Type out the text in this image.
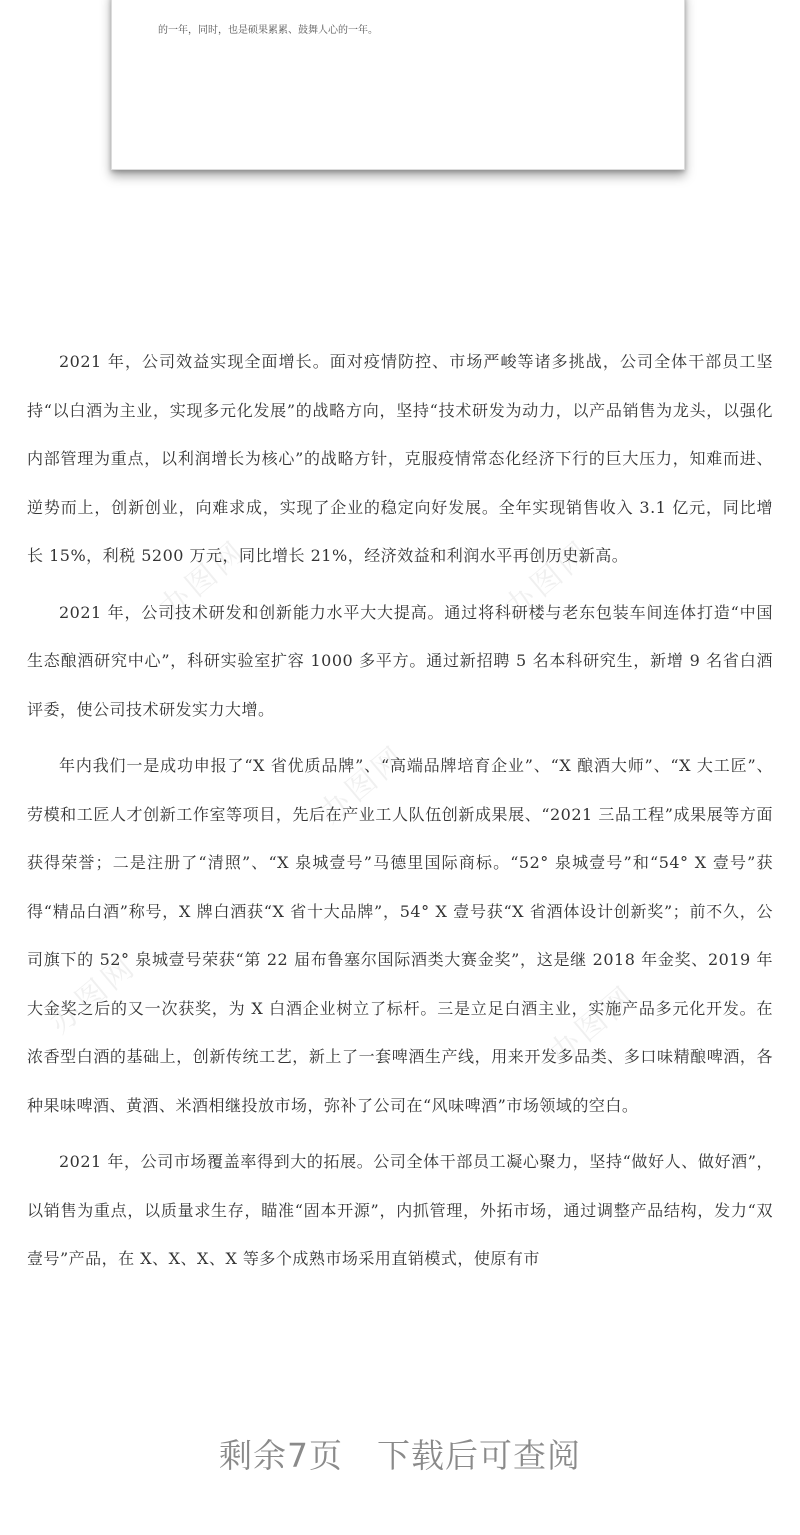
的一年，同时，也是硕果累累、鼓舞人心的一年。
办图网	办图网
办图网
办图网	办图网

2021 年，公司效益实现全面增长。面对疫情防控、市场严峻等诸多挑战，公司全体干部员工坚持“以白酒为主业，实现多元化发展”的战略方向，坚持“技术研发为动力，以产品销售为龙头，以强化内部管理为重点，以利润增长为核心”的战略方针，克服疫情常态化经济下行的巨大压力，知难而进、逆势而上，创新创业，向难求成，实现了企业的稳定向好发展。全年实现销售收入 3.1 亿元，同比增长 15%，利税 5200 万元，同比增长 21%，经济效益和利润水平再创历史新高。

2021 年，公司技术研发和创新能力水平大大提高。通过将科研楼与老东包装车间连体打造“中国生态酿酒研究中心”，科研实验室扩容 1000 多平方。通过新招聘 5 名本科研究生，新增 9 名省白酒评委，使公司技术研发实力大增。

年内我们一是成功申报了“X 省优质品牌”、“高端品牌培育企业”、“X 酿酒大师”、“X 大工匠”、劳模和工匠人才创新工作室等项目，先后在产业工人队伍创新成果展、“2021 三品工程”成果展等方面获得荣誉；二是注册了“清照”、“X 泉城壹号”马德里国际商标。“52° 泉城壹号”和“54° X 壹号”获得“精品白酒”称号，X 牌白酒获“X 省十大品牌”，54° X 壹号获“X 省酒体设计创新奖”；前不久，公司旗下的 52° 泉城壹号荣获“第 22 届布鲁塞尔国际酒类大赛金奖”，这是继 2018 年金奖、2019 年大金奖之后的又一次获奖，为 X 白酒企业树立了标杆。三是立足白酒主业，实施产品多元化开发。在浓香型白酒的基础上，创新传统工艺，新上了一套啤酒生产线，用来开发多品类、多口味精酿啤酒，各种果味啤酒、黄酒、米酒相继投放市场，弥补了公司在“风味啤酒”市场领域的空白。

2021 年，公司市场覆盖率得到大的拓展。公司全体干部员工凝心聚力，坚持“做好人、做好酒”，以销售为重点，以质量求生存，瞄准“固本开源”，内抓管理，外拓市场，通过调整产品结构，发力“双壹号”产品，在 X、X、X、X 等多个成熟市场采用直销模式，使原有市

剩余7页 下载后可查阅
